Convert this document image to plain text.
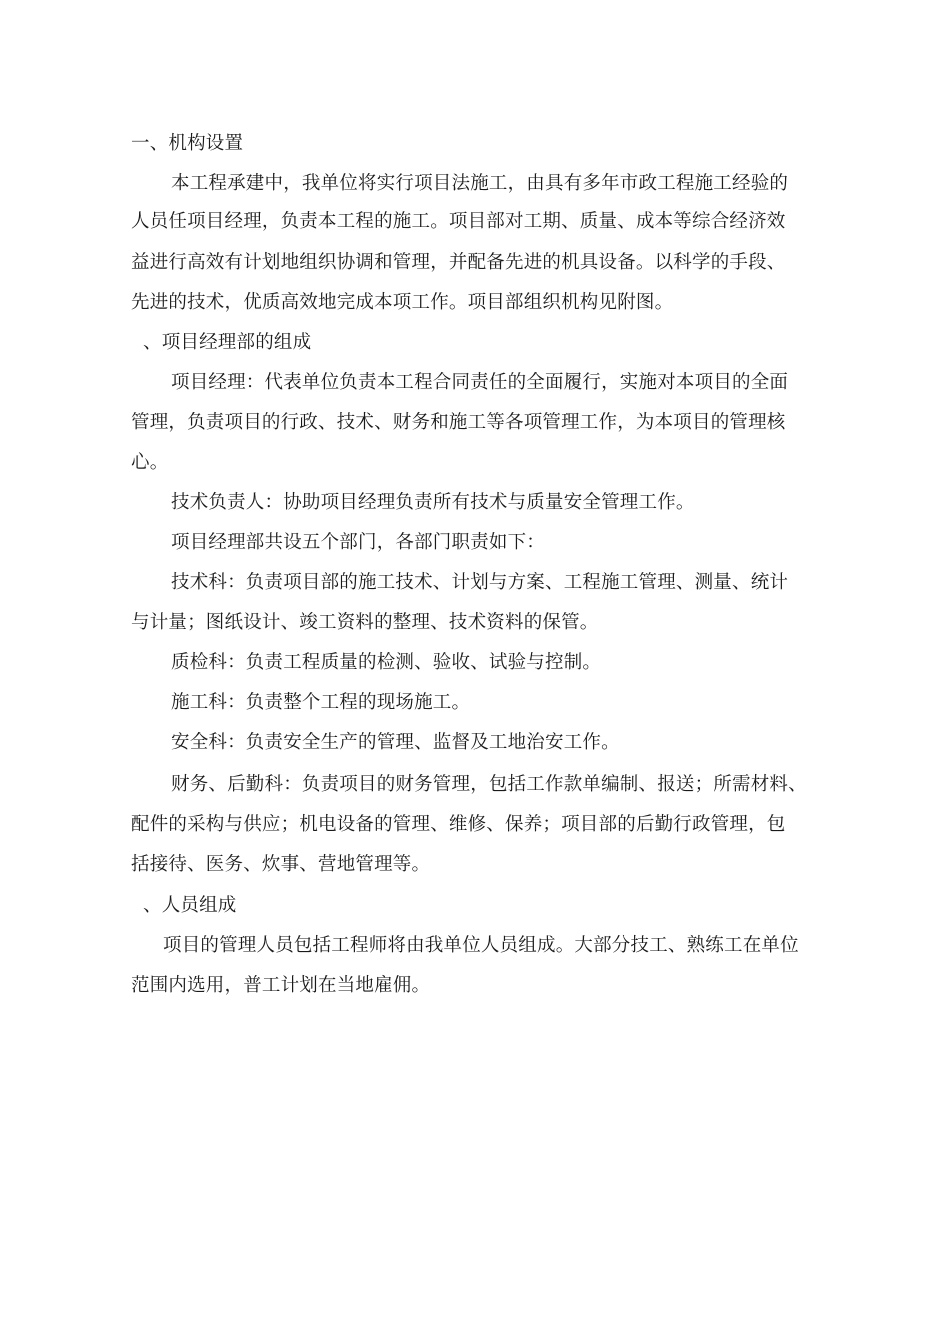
一、机构设置
本工程承建中，我单位将实行项目法施工，由具有多年市政工程施工经验的
人员任项目经理，负责本工程的施工。项目部对工期、质量、成本等综合经济效
益进行高效有计划地组织协调和管理，并配备先进的机具设备。以科学的手段、
先进的技术，优质高效地完成本项工作。项目部组织机构见附图。
、项目经理部的组成
项目经理：代表单位负责本工程合同责任的全面履行，实施对本项目的全面
管理，负责项目的行政、技术、财务和施工等各项管理工作，为本项目的管理核
心。
技术负责人：协助项目经理负责所有技术与质量安全管理工作。
项目经理部共设五个部门，各部门职责如下：
技术科：负责项目部的施工技术、计划与方案、工程施工管理、测量、统计
与计量；图纸设计、竣工资料的整理、技术资料的保管。
质检科：负责工程质量的检测、验收、试验与控制。
施工科：负责整个工程的现场施工。
安全科：负责安全生产的管理、监督及工地治安工作。
财务、后勤科：负责项目的财务管理，包括工作款单编制、报送；所需材料、
配件的采构与供应；机电设备的管理、维修、保养；项目部的后勤行政管理，包
括接待、医务、炊事、营地管理等。
、人员组成
项目的管理人员包括工程师将由我单位人员组成。大部分技工、熟练工在单位
范围内选用，普工计划在当地雇佣。
